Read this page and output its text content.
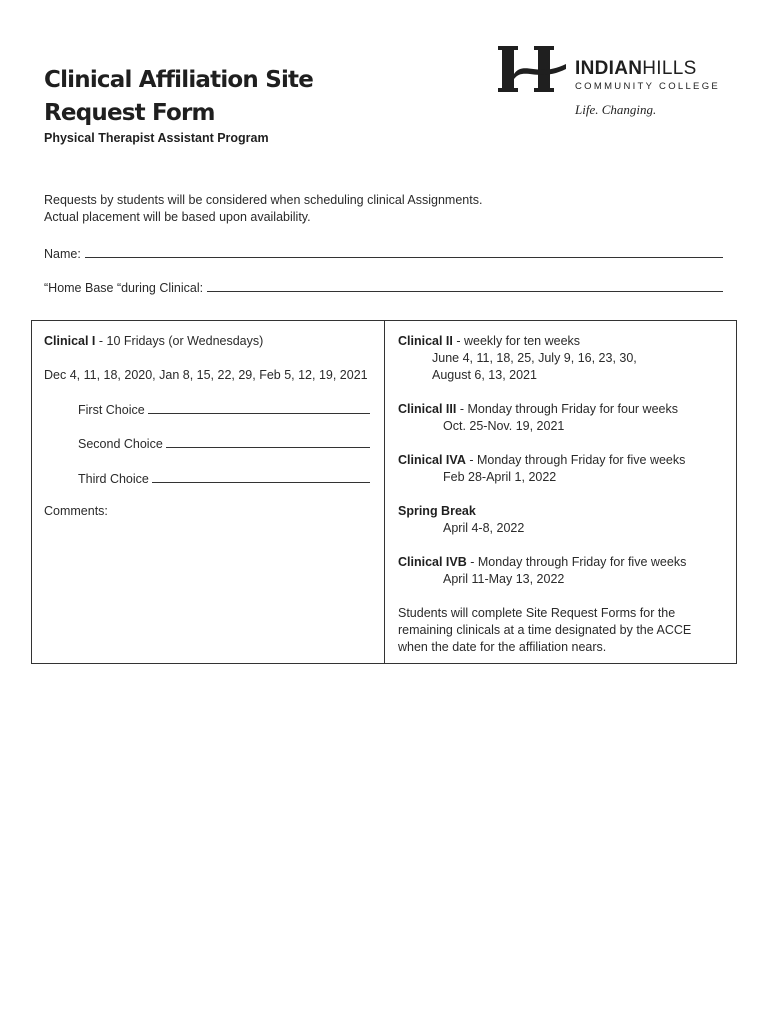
Clinical Affiliation Site
Request Form
Physical Therapist Assistant Program
INDIANHILLS
COMMUNITY COLLEGE
Life. Changing.
Requests by students will be considered when scheduling clinical Assignments.
Actual placement will be based upon availability.
Name:
“Home Base “during Clinical:
Clinical I - 10 Fridays (or Wednesdays)
Dec 4, 11, 18, 2020, Jan 8, 15, 22, 29, Feb 5, 12, 19, 2021
First Choice
Second Choice
Third Choice
Comments:
Clinical II - weekly for ten weeks
June 4, 11, 18, 25, July 9, 16, 23, 30,
August 6, 13, 2021
Clinical III - Monday through Friday for four weeks
Oct. 25-Nov. 19, 2021
Clinical IVA - Monday through Friday for five weeks
Feb 28-April 1, 2022
Spring Break
April 4-8, 2022
Clinical IVB - Monday through Friday for five weeks
April 11-May 13, 2022
Students will complete Site Request Forms for the
remaining clinicals at a time designated by the ACCE
when the date for the affiliation nears.
